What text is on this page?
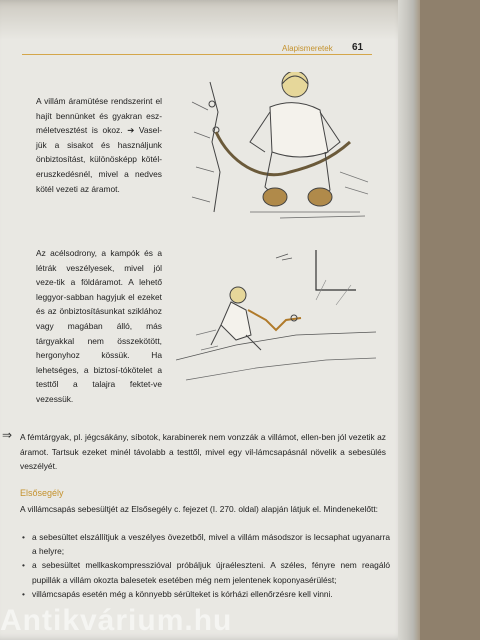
Alapismeretek 61
A villám áramütése rendszerint el hajít bennünket és gyakran esz-méletvesztést is okoz. ➔ Vasel-jük a sisakot és használjunk önbiztosítást, különösképp kötél-eruszkedésnél, mivel a nedves kötél vezeti az áramot.
Az acélsodrony, a kampók és a létrák veszélyesek, mivel jól veze-tik a földáramot. A lehető leggyor-sabban hagyjuk el ezeket és az önbiztosításunkat sziklához vagy magában álló, más tárgyakkal nem összekötött, hergonyhoz kössük. Ha lehetséges, a biztosí-tókötelet a testtől a talajra fektet-ve vezessük.
⇒ A fémtárgyak, pl. jégcsákány, síbotok, karabinerek nem vonzzák a villámot, ellen-ben jól vezetik az áramot. Tartsuk ezeket minél távolabb a testtől, mivel egy vil-lámcsapásnál növelik a sebesülés veszélyét.
Elsősegély
A villámcsapás sebesültjét az Elsősegély c. fejezet (I. 270. oldal) alapján látjuk el. Mindenekelőtt:
• a sebesültet elszállítjuk a veszélyes övezetből, mivel a villám másodszor is lecsaphat ugyanarra a helyre;
• a sebesültet mellkaskompresszióval próbáljuk újraéleszteni. A széles, fényre nem reagáló pupillák a villám okozta balesetek esetében még nem jelentenek koponyasérülést;
• villámcsapás esetén még a könnyebb sérülteket is kórházi ellenőrzésre kell vinni.
Antikvárium.hu
